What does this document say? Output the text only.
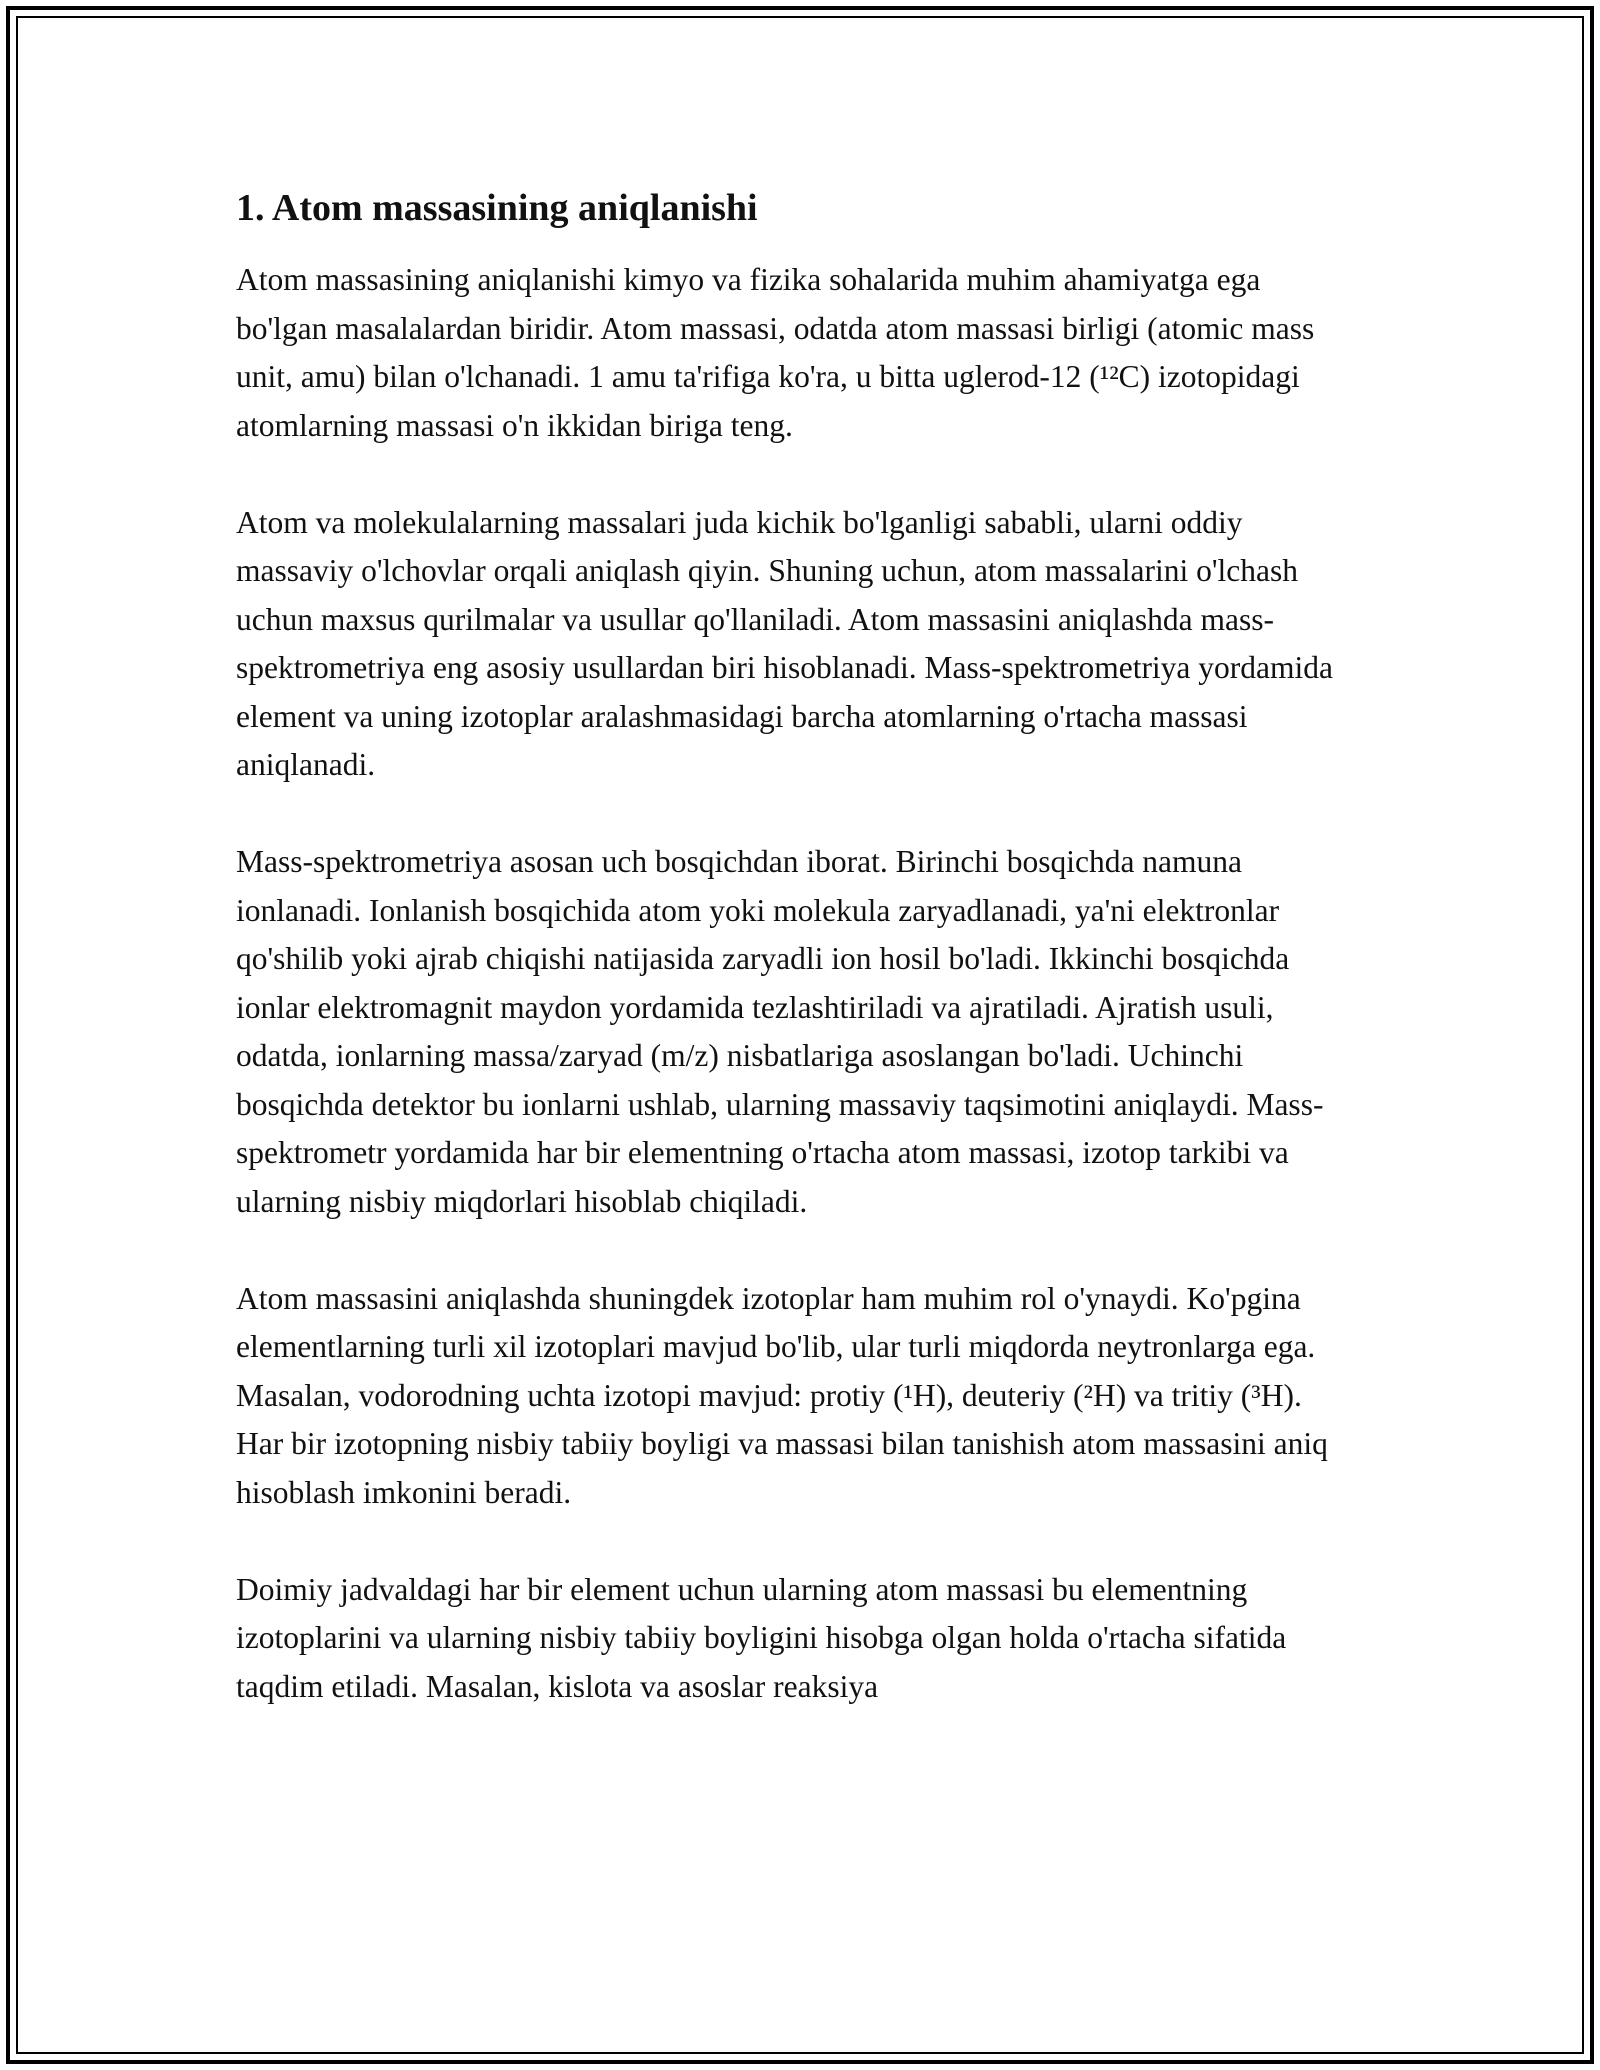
1. Atom massasining aniqlanishi

Atom massasining aniqlanishi kimyo va fizika sohalarida muhim ahamiyatga ega bo'lgan masalalardan biridir. Atom massasi, odatda atom massasi birligi (atomic mass unit, amu) bilan o'lchanadi. 1 amu ta'rifiga ko'ra, u bitta uglerod-12 (¹²C) izotopidagi atomlarning massasi o'n ikkidan biriga teng.

Atom va molekulalarning massalari juda kichik bo'lganligi sababli, ularni oddiy massaviy o'lchovlar orqali aniqlash qiyin. Shuning uchun, atom massalarini o'lchash uchun maxsus qurilmalar va usullar qo'llaniladi. Atom massasini aniqlashda mass-spektrometriya eng asosiy usullardan biri hisoblanadi. Mass-spektrometriya yordamida element va uning izotoplar aralashmasidagi barcha atomlarning o'rtacha massasi aniqlanadi.

Mass-spektrometriya asosan uch bosqichdan iborat. Birinchi bosqichda namuna ionlanadi. Ionlanish bosqichida atom yoki molekula zaryadlanadi, ya'ni elektronlar qo'shilib yoki ajrab chiqishi natijasida zaryadli ion hosil bo'ladi. Ikkinchi bosqichda ionlar elektromagnit maydon yordamida tezlashtiriladi va ajratiladi. Ajratish usuli, odatda, ionlarning massa/zaryad (m/z) nisbatlariga asoslangan bo'ladi. Uchinchi bosqichda detektor bu ionlarni ushlab, ularning massaviy taqsimotini aniqlaydi. Mass-spektrometr yordamida har bir elementning o'rtacha atom massasi, izotop tarkibi va ularning nisbiy miqdorlari hisoblab chiqiladi.

Atom massasini aniqlashda shuningdek izotoplar ham muhim rol o'ynaydi. Ko'pgina elementlarning turli xil izotoplari mavjud bo'lib, ular turli miqdorda neytronlarga ega. Masalan, vodorodning uchta izotopi mavjud: protiy (¹H), deuteriy (²H) va tritiy (³H). Har bir izotopning nisbiy tabiiy boyligi va massasi bilan tanishish atom massasini aniq hisoblash imkonini beradi.

Doimiy jadvaldagi har bir element uchun ularning atom massasi bu elementning izotoplarini va ularning nisbiy tabiiy boyligini hisobga olgan holda o'rtacha sifatida taqdim etiladi. Masalan, kislota va asoslar reaksiya
